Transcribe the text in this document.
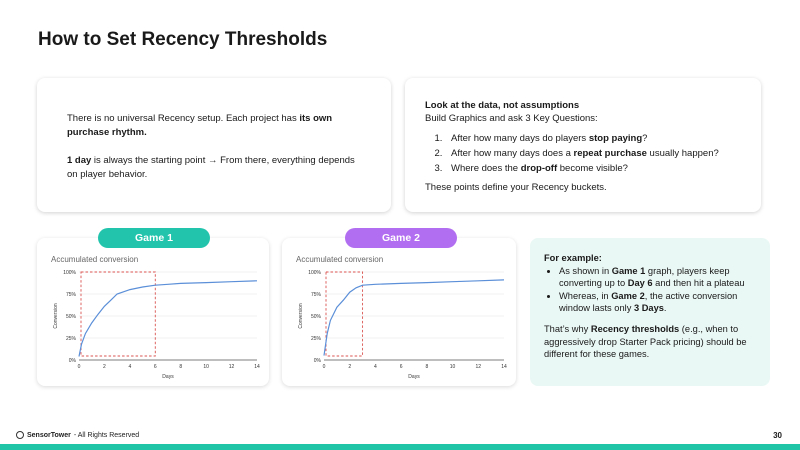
How to Set Recency Thresholds

There is no universal Recency setup. Each project has its own purchase rhythm.

1 day is always the starting point → From there, everything depends on player behavior.

Look at the data, not assumptions

Build Graphics and ask 3 Key Questions:

1. After how many days do players stop paying?
2. After how many days does a repeat purchase usually happen?
3. Where does the drop-off become visible?

These points define your Recency buckets.

Accumulated conversion
0%
25%
50%
75%
100%
0	2	4	6	8	10	12	14
Days
Conversion
Accumulated conversion
0%
25%
50%
75%
100%
0	2	4	6	8	10	12	14
Days
Conversion
Game 1	Game 2

For example:

• As shown in Game 1 graph, players keep converting up to Day 6 and then hit a plateau
• Whereas, in Game 2, the active conversion window lasts only 3 Days.

That’s why Recency thresholds (e.g., when to aggressively drop Starter Pack pricing) should be different for these games.

SensorTower - All Rights Reserved	30
